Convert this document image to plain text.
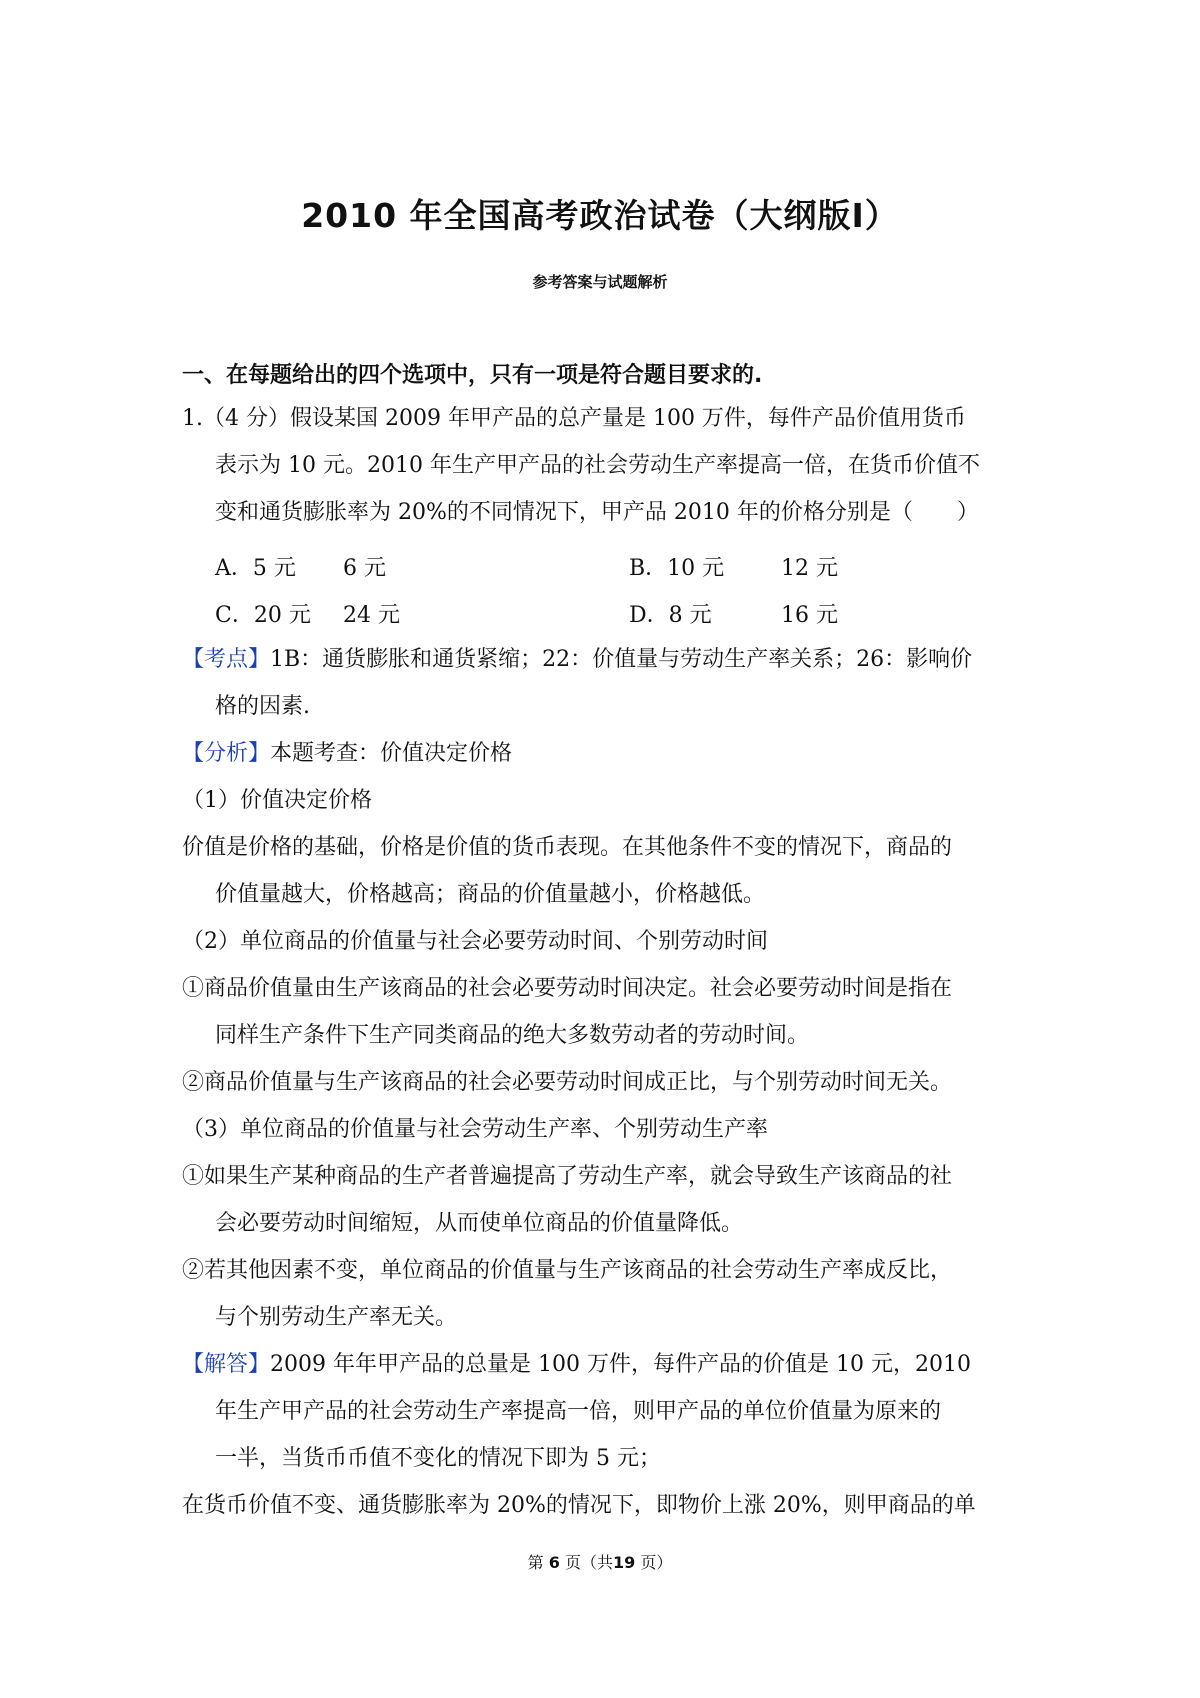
2010 年全国高考政治试卷（大纲版Ⅰ）
参考答案与试题解析
一、在每题给出的四个选项中，只有一项是符合题目要求的.
1.（4 分）假设某国 2009 年甲产品的总产量是 100 万件，每件产品价值用货币
表示为 10 元。2010 年生产甲产品的社会劳动生产率提高一倍，在货币价值不
变和通货膨胀率为 20%的不同情况下，甲产品 2010 年的价格分别是（　　）
A．5 元 6 元	B．10 元	12 元
C．20 元 24 元	D．8 元	16 元
【考点】1B：通货膨胀和通货紧缩；22：价值量与劳动生产率关系；26：影响价
格的因素.
【分析】本题考查：价值决定价格
（1）价值决定价格
价值是价格的基础，价格是价值的货币表现。在其他条件不变的情况下，商品的
价值量越大，价格越高；商品的价值量越小，价格越低。
（2）单位商品的价值量与社会必要劳动时间、个别劳动时间
①商品价值量由生产该商品的社会必要劳动时间决定。社会必要劳动时间是指在
同样生产条件下生产同类商品的绝大多数劳动者的劳动时间。
②商品价值量与生产该商品的社会必要劳动时间成正比，与个别劳动时间无关。
（3）单位商品的价值量与社会劳动生产率、个别劳动生产率
①如果生产某种商品的生产者普遍提高了劳动生产率，就会导致生产该商品的社
会必要劳动时间缩短，从而使单位商品的价值量降低。
②若其他因素不变，单位商品的价值量与生产该商品的社会劳动生产率成反比，
与个别劳动生产率无关。
【解答】2009 年年甲产品的总量是 100 万件，每件产品的价值是 10 元，2010
年生产甲产品的社会劳动生产率提高一倍，则甲产品的单位价值量为原来的
一半，当货币币值不变化的情况下即为 5 元；
在货币价值不变、通货膨胀率为 20%的情况下，即物价上涨 20%，则甲商品的单
第 6 页（共19 页）
